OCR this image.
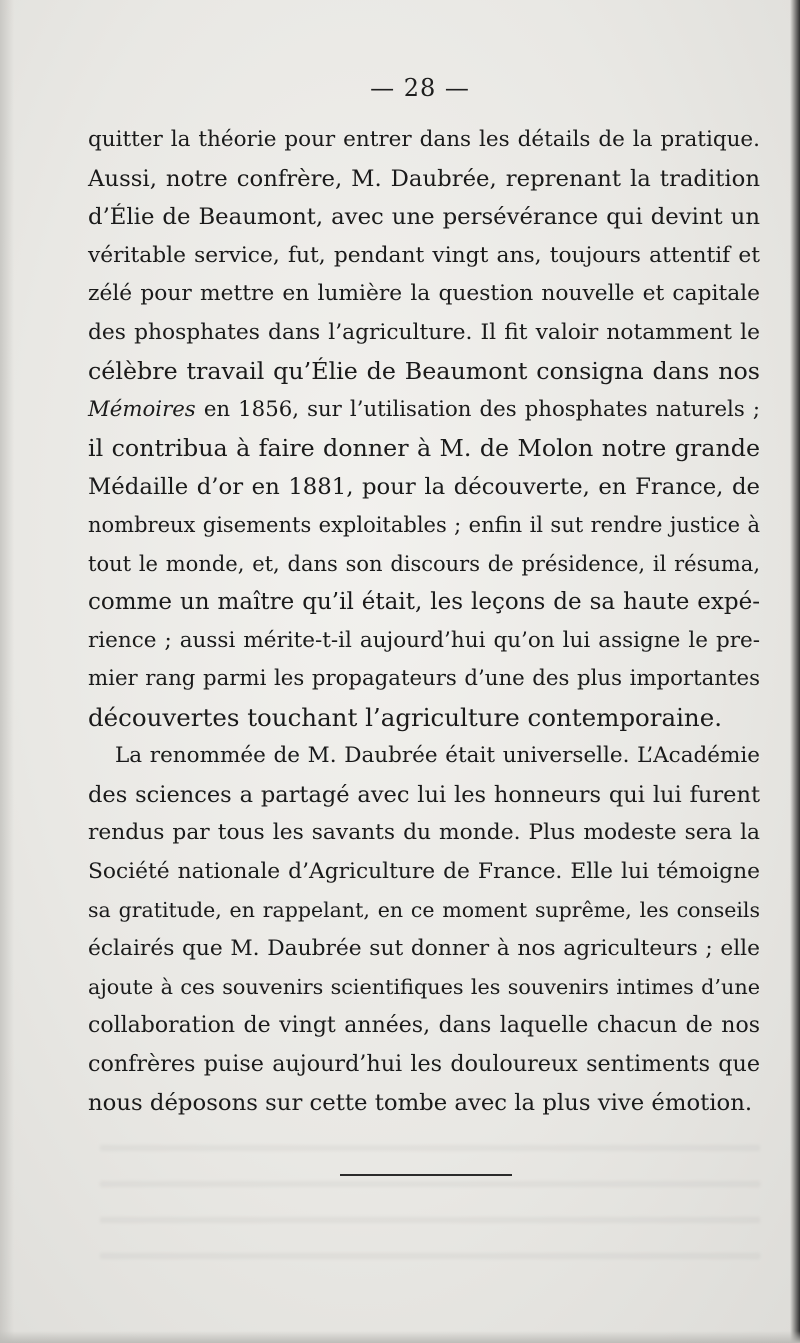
— 28 —
quitter la théorie pour entrer dans les détails de la pratique.
Aussi, notre confrère, M. Daubrée, reprenant la tradition
d’Élie de Beaumont, avec une persévérance qui devint un
véritable service, fut, pendant vingt ans, toujours attentif et
zélé pour mettre en lumière la question nouvelle et capitale
des phosphates dans l’agriculture. Il fit valoir notamment le
célèbre travail qu’Élie de Beaumont consigna dans nos
Mémoires en 1856, sur l’utilisation des phosphates naturels ;
il contribua à faire donner à M. de Molon notre grande
Médaille d’or en 1881, pour la découverte, en France, de
nombreux gisements exploitables ; enfin il sut rendre justice à
tout le monde, et, dans son discours de présidence, il résuma,
comme un maître qu’il était, les leçons de sa haute expé-
rience ; aussi mérite-t-il aujourd’hui qu’on lui assigne le pre-
mier rang parmi les propagateurs d’une des plus importantes
découvertes touchant l’agriculture contemporaine.
La renommée de M. Daubrée était universelle. L’Académie
des sciences a partagé avec lui les honneurs qui lui furent
rendus par tous les savants du monde. Plus modeste sera la
Société nationale d’Agriculture de France. Elle lui témoigne
sa gratitude, en rappelant, en ce moment suprême, les conseils
éclairés que M. Daubrée sut donner à nos agriculteurs ; elle
ajoute à ces souvenirs scientifiques les souvenirs intimes d’une
collaboration de vingt années, dans laquelle chacun de nos
confrères puise aujourd’hui les douloureux sentiments que
nous déposons sur cette tombe avec la plus vive émotion.
